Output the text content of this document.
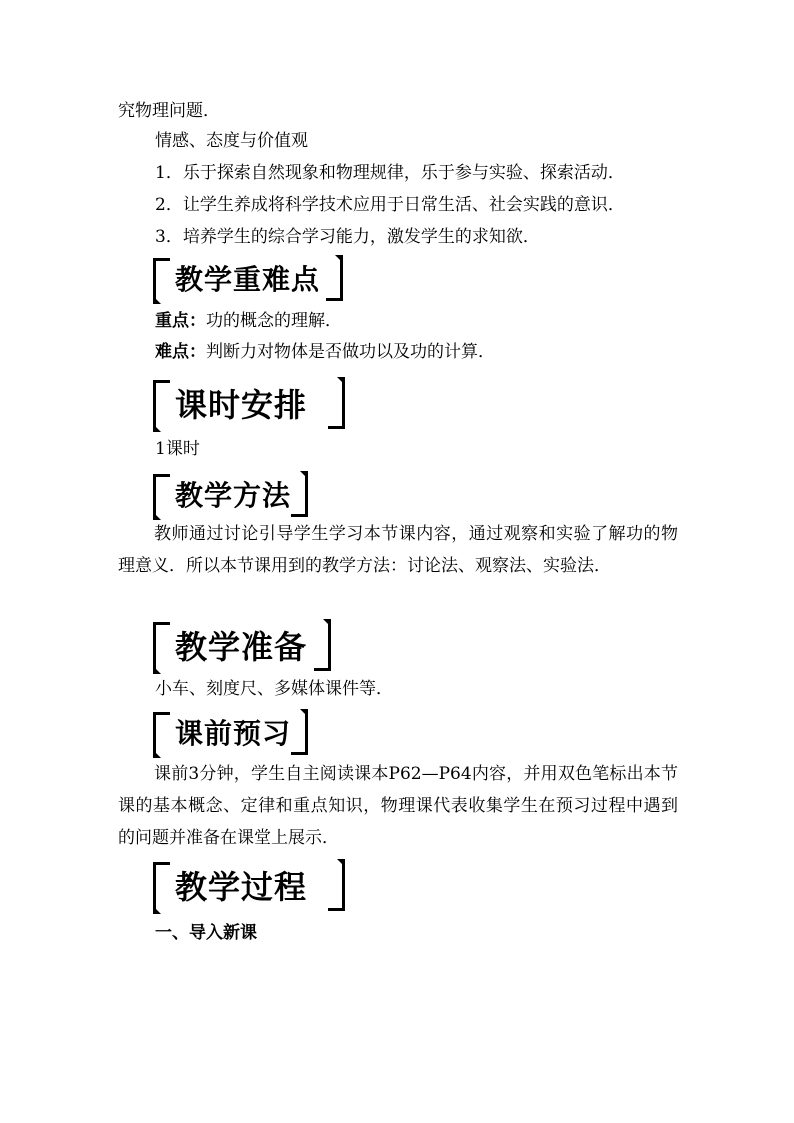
究物理问题．
情感、态度与价值观
1．乐于探索自然现象和物理规律，乐于参与实验、探索活动．
2．让学生养成将科学技术应用于日常生活、社会实践的意识．
3．培养学生的综合学习能力，激发学生的求知欲．
教学重难点
重点：功的概念的理解．
难点：判断力对物体是否做功以及功的计算．
课时安排
1课时
教学方法
教师通过讨论引导学生学习本节课内容，通过观察和实验了解功的物理意义．所以本节课用到的教学方法：讨论法、观察法、实验法．
教学准备
小车、刻度尺、多媒体课件等．
课前预习
课前3分钟，学生自主阅读课本P62—P64内容，并用双色笔标出本节课的基本概念、定律和重点知识，物理课代表收集学生在预习过程中遇到的问题并准备在课堂上展示．
教学过程
一、导入新课
